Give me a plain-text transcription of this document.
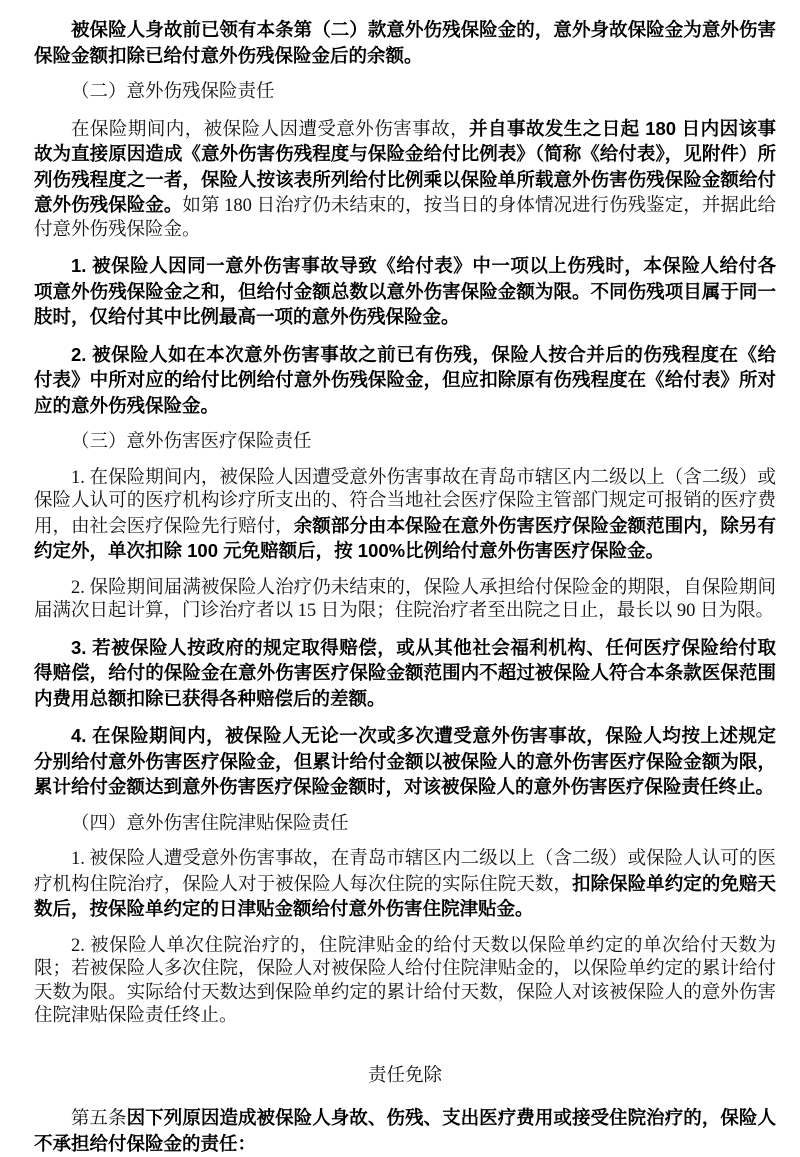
被保险人身故前已领有本条第（二）款意外伤残保险金的，意外身故保险金为意外伤害保险金额扣除已给付意外伤残保险金后的余额。

（二）意外伤残保险责任

在保险期间内，被保险人因遭受意外伤害事故，并自事故发生之日起 180 日内因该事故为直接原因造成《意外伤害伤残程度与保险金给付比例表》（简称《给付表》，见附件）所列伤残程度之一者，保险人按该表所列给付比例乘以保险单所载意外伤害伤残保险金额给付意外伤残保险金。如第 180 日治疗仍未结束的，按当日的身体情况进行伤残鉴定，并据此给付意外伤残保险金。

1. 被保险人因同一意外伤害事故导致《给付表》中一项以上伤残时，本保险人给付各项意外伤残保险金之和，但给付金额总数以意外伤害保险金额为限。不同伤残项目属于同一肢时，仅给付其中比例最高一项的意外伤残保险金。

2. 被保险人如在本次意外伤害事故之前已有伤残，保险人按合并后的伤残程度在《给付表》中所对应的给付比例给付意外伤残保险金，但应扣除原有伤残程度在《给付表》所对应的意外伤残保险金。

（三）意外伤害医疗保险责任

1. 在保险期间内，被保险人因遭受意外伤害事故在青岛市辖区内二级以上（含二级）或保险人认可的医疗机构诊疗所支出的、符合当地社会医疗保险主管部门规定可报销的医疗费用，由社会医疗保险先行赔付，余额部分由本保险在意外伤害医疗保险金额范围内，除另有约定外，单次扣除 100 元免赔额后，按 100%比例给付意外伤害医疗保险金。

2. 保险期间届满被保险人治疗仍未结束的，保险人承担给付保险金的期限，自保险期间届满次日起计算，门诊治疗者以 15 日为限；住院治疗者至出院之日止，最长以 90 日为限。

3. 若被保险人按政府的规定取得赔偿，或从其他社会福利机构、任何医疗保险给付取得赔偿，给付的保险金在意外伤害医疗保险金额范围内不超过被保险人符合本条款医保范围内费用总额扣除已获得各种赔偿后的差额。

4. 在保险期间内，被保险人无论一次或多次遭受意外伤害事故，保险人均按上述规定分别给付意外伤害医疗保险金，但累计给付金额以被保险人的意外伤害医疗保险金额为限，累计给付金额达到意外伤害医疗保险金额时，对该被保险人的意外伤害医疗保险责任终止。

（四）意外伤害住院津贴保险责任

1. 被保险人遭受意外伤害事故，在青岛市辖区内二级以上（含二级）或保险人认可的医疗机构住院治疗，保险人对于被保险人每次住院的实际住院天数，扣除保险单约定的免赔天数后，按保险单约定的日津贴金额给付意外伤害住院津贴金。

2. 被保险人单次住院治疗的，住院津贴金的给付天数以保险单约定的单次给付天数为限；若被保险人多次住院，保险人对被保险人给付住院津贴金的，以保险单约定的累计给付天数为限。实际给付天数达到保险单约定的累计给付天数，保险人对该被保险人的意外伤害住院津贴保险责任终止。

责任免除

第五条因下列原因造成被保险人身故、伤残、支出医疗费用或接受住院治疗的，保险人不承担给付保险金的责任：
